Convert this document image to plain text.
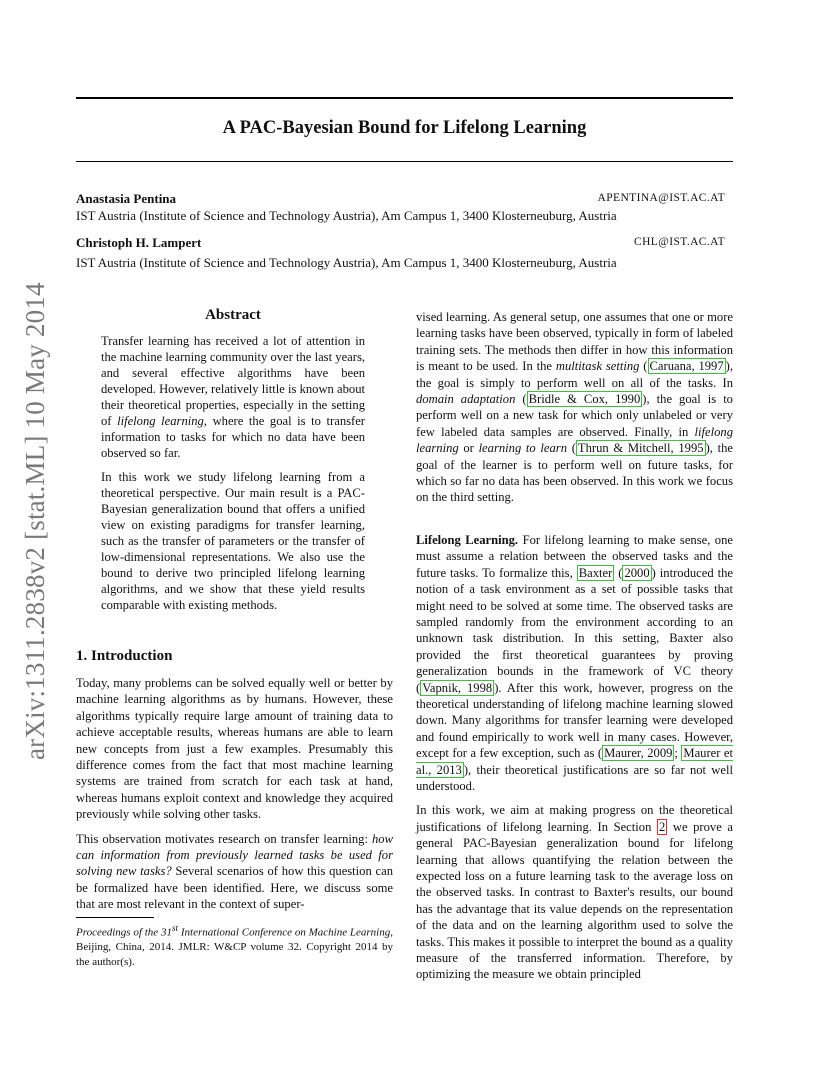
A PAC-Bayesian Bound for Lifelong Learning
Anastasia Pentina	APENTINA@IST.AC.AT
IST Austria (Institute of Science and Technology Austria), Am Campus 1, 3400 Klosterneuburg, Austria
Christoph H. Lampert	CHL@IST.AC.AT
IST Austria (Institute of Science and Technology Austria), Am Campus 1, 3400 Klosterneuburg, Austria
arXiv:1311.2838v2 [stat.ML] 10 May 2014	Abstract

Transfer learning has received a lot of attention in the machine learning community over the last years, and several effective algorithms have been developed. However, relatively little is known about their theoretical properties, especially in the setting of lifelong learning, where the goal is to transfer information to tasks for which no data have been observed so far.

In this work we study lifelong learning from a theoretical perspective. Our main result is a PAC-Bayesian generalization bound that offers a unified view on existing paradigms for transfer learning, such as the transfer of parameters or the transfer of low-dimensional representations. We also use the bound to derive two principled lifelong learning algorithms, and we show that these yield results comparable with existing methods.

1. Introduction

Today, many problems can be solved equally well or better by machine learning algorithms as by humans. However, these algorithms typically require large amount of training data to achieve acceptable results, whereas humans are able to learn new concepts from just a few examples. Presumably this difference comes from the fact that most machine learning systems are trained from scratch for each task at hand, whereas humans exploit context and knowledge they acquired previously while solving other tasks.

This observation motivates research on transfer learning: how can information from previously learned tasks be used for solving new tasks? Several scenarios of how this question can be formalized have been identified. Here, we discuss some that are most relevant in the context of super-

Proceedings of the 31st International Conference on Machine Learning, Beijing, China, 2014. JMLR: W&CP volume 32. Copyright 2014 by the author(s).

vised learning. As general setup, one assumes that one or more learning tasks have been observed, typically in form of labeled training sets. The methods then differ in how this information is meant to be used. In the multitask setting ( Caruana, 1997 ), the goal is simply to perform well on all of the tasks. In domain adaptation ( Bridle & Cox, 1990 ), the goal is to perform well on a new task for which only unlabeled or very few labeled data samples are observed. Finally, in lifelong learning or learning to learn ( Thrun & Mitchell, 1995 ), the goal of the learner is to perform well on future tasks, for which so far no data has been observed. In this work we focus on the third setting.

Lifelong Learning. For lifelong learning to make sense, one must assume a relation between the observed tasks and the future tasks. To formalize this, Baxter ( 2000 ) introduced the notion of a task environment as a set of possible tasks that might need to be solved at some time. The observed tasks are sampled randomly from the environment according to an unknown task distribution. In this setting, Baxter also provided the first theoretical guarantees by proving generalization bounds in the framework of VC theory ( Vapnik, 1998 ). After this work, however, progress on the theoretical understanding of lifelong machine learning slowed down. Many algorithms for transfer learning were developed and found empirically to work well in many cases. However, except for a few exception, such as ( Maurer, 2009 ; Maurer et al., 2013 ), their theoretical justifications are so far not well understood.

In this work, we aim at making progress on the theoretical justifications of lifelong learning. In Section 2 we prove a general PAC-Bayesian generalization bound for lifelong learning that allows quantifying the relation between the expected loss on a future learning task to the average loss on the observed tasks. In contrast to Baxter's results, our bound has the advantage that its value depends on the representation of the data and on the learning algorithm used to solve the tasks. This makes it possible to interpret the bound as a quality measure of the transferred information. Therefore, by optimizing the measure we obtain principled
